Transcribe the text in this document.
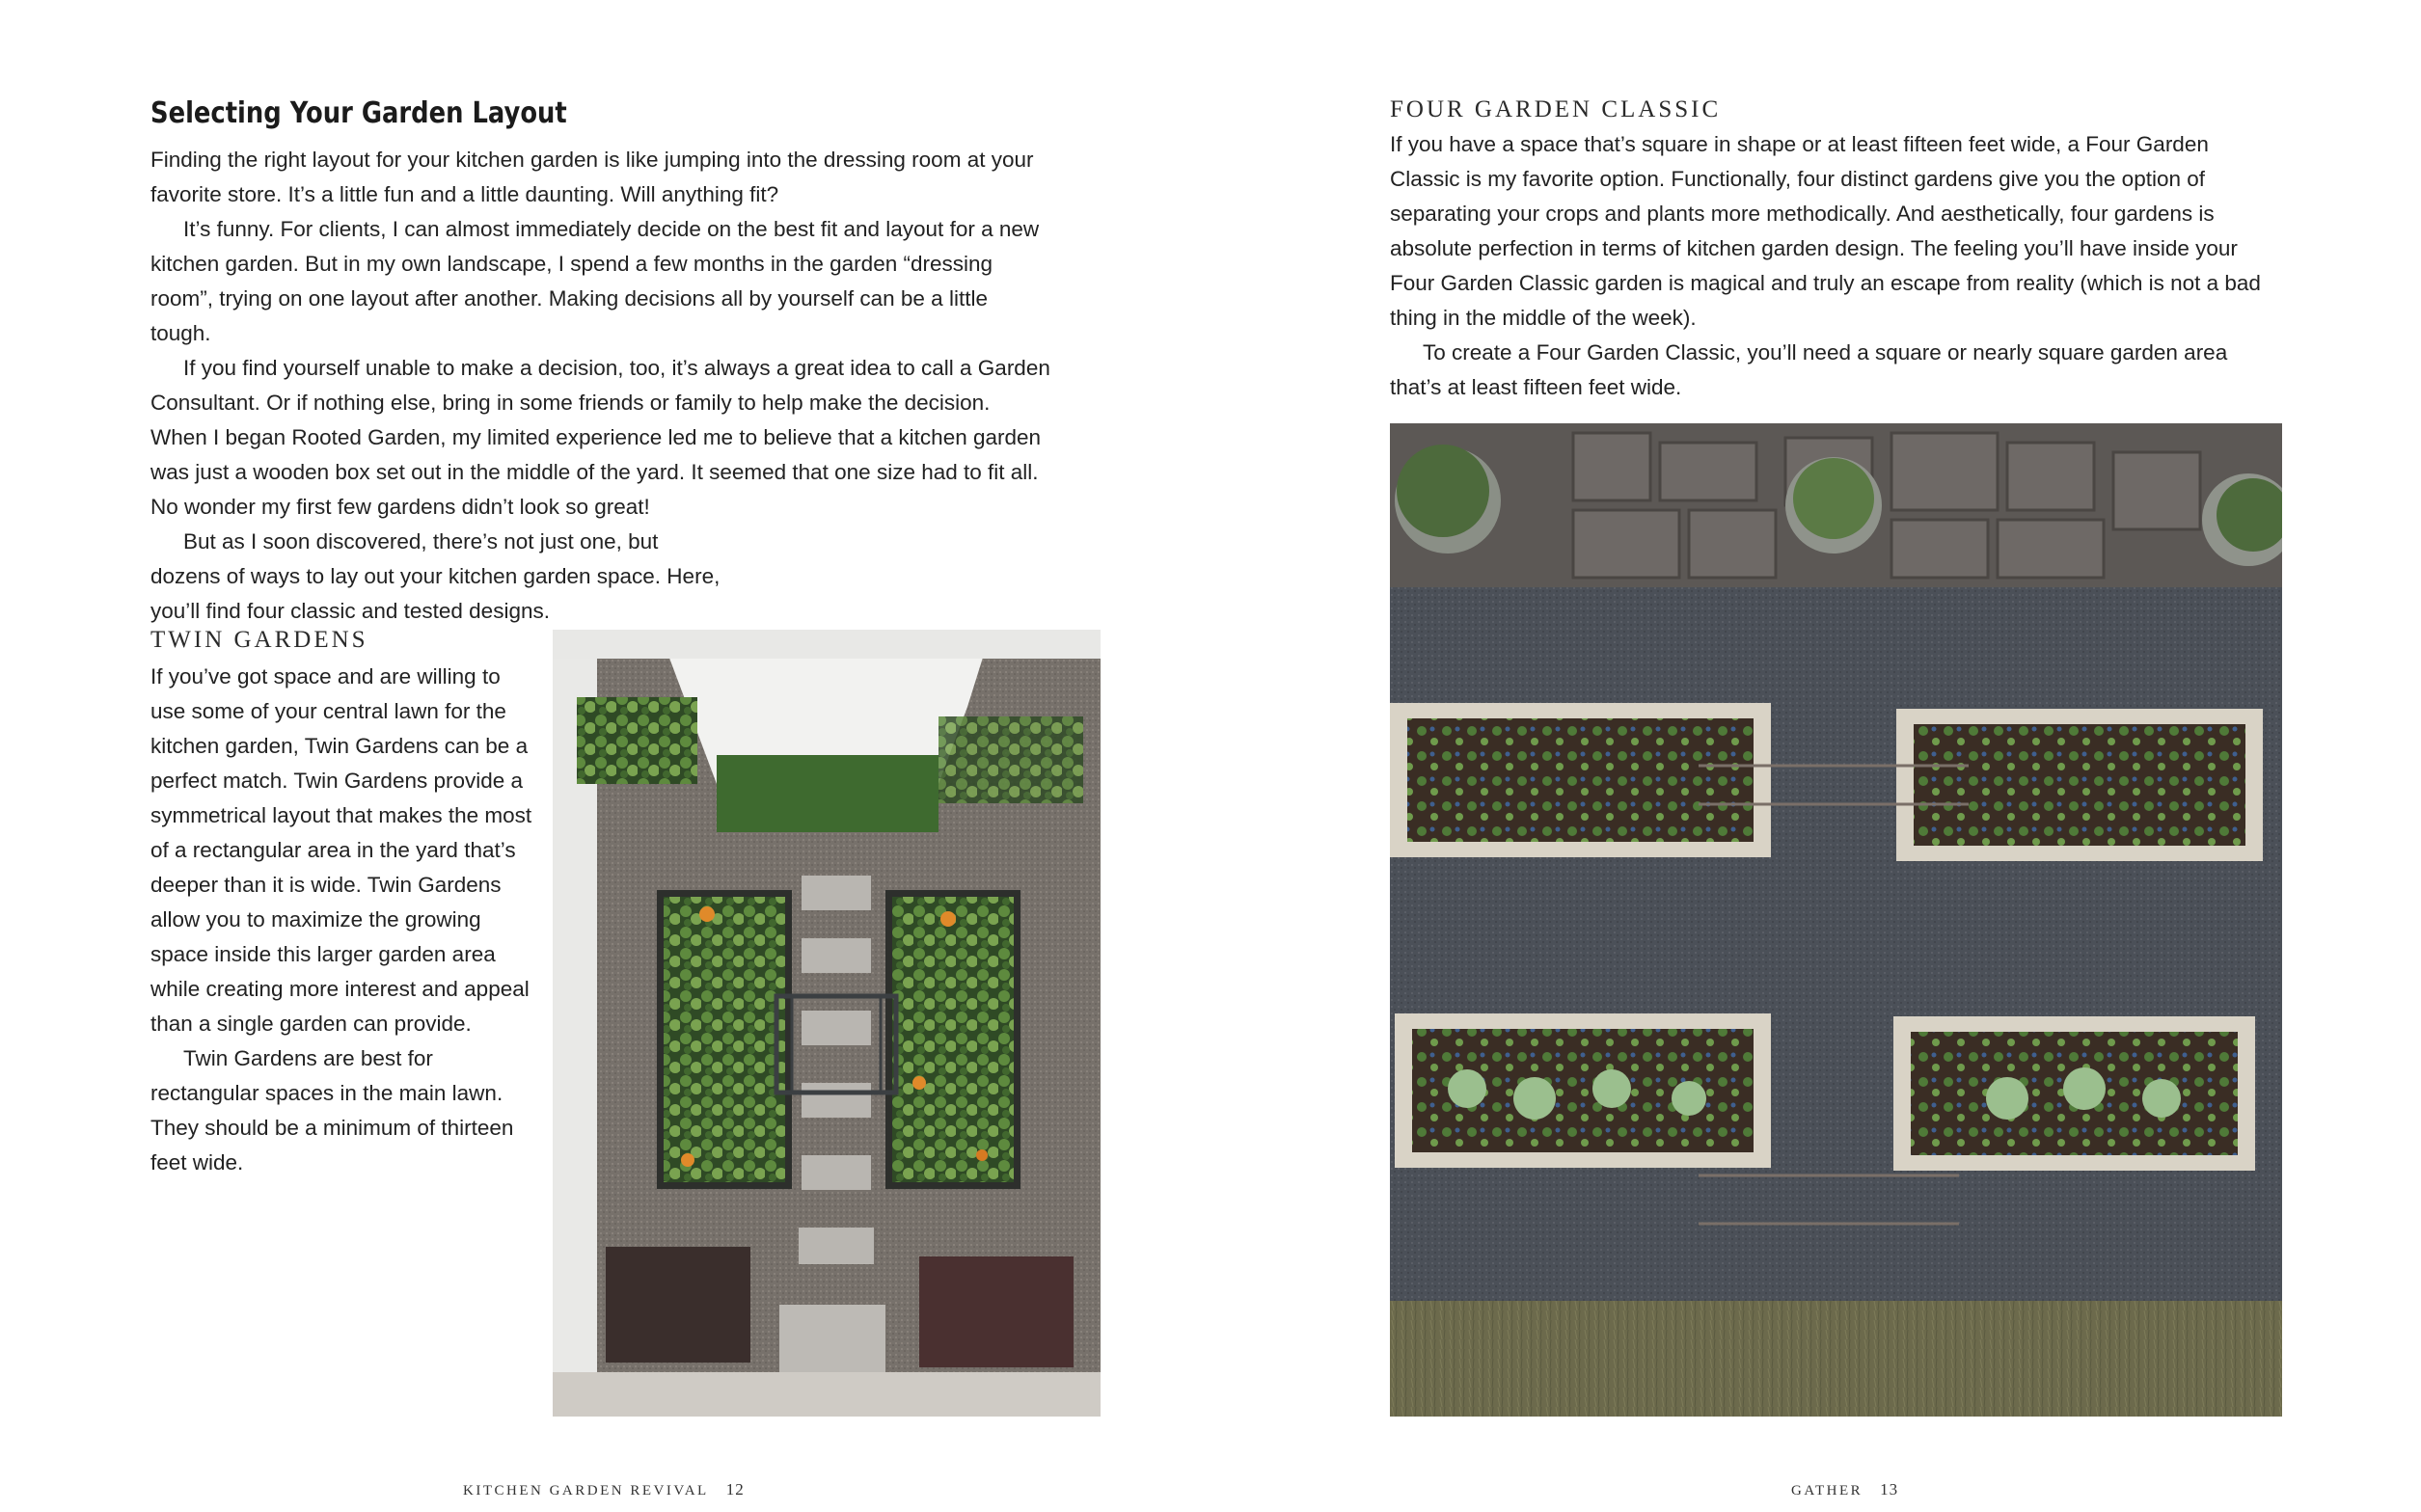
Selecting Your Garden Layout

Finding the right layout for your kitchen garden is like jumping into the dressing room at your favorite store. It’s a little fun and a little daunting. Will anything fit?

It’s funny. For clients, I can almost immediately decide on the best fit and layout for a new kitchen garden. But in my own landscape, I spend a few months in the garden “dressing room”, trying on one layout after another. Making decisions all by yourself can be a little tough.

If you find yourself unable to make a decision, too, it’s always a great idea to call a Garden Consultant. Or if nothing else, bring in some friends or family to help make the decision. When I began Rooted Garden, my limited experience led me to believe that a kitchen garden was just a wooden box set out in the middle of the yard. It seemed that one size had to fit all. No wonder my first few gardens didn’t look so great!

But as I soon discovered, there’s not just one, but dozens of ways to lay out your kitchen garden space. Here, you’ll find four classic and tested designs.

TWIN GARDENS

If you’ve got space and are willing to use some of your central lawn for the kitchen garden, Twin Gardens can be a perfect match. Twin Gardens provide a symmetrical layout that makes the most of a rectangular area in the yard that’s deeper than it is wide. Twin Gardens allow you to maximize the growing space inside this larger garden area while creating more interest and appeal than a single garden can provide.

Twin Gardens are best for rectangular spaces in the main lawn. They should be a minimum of thirteen feet wide.

KITCHEN GARDEN REVIVAL 12
FOUR GARDEN CLASSIC

If you have a space that’s square in shape or at least fifteen feet wide, a Four Garden Classic is my favorite option. Functionally, four distinct gardens give you the option of separating your crops and plants more methodically. And aesthetically, four gardens is absolute perfection in terms of kitchen garden design. The feeling you’ll have inside your Four Garden Classic garden is magical and truly an escape from reality (which is not a bad thing in the middle of the week).

To create a Four Garden Classic, you’ll need a square or nearly square garden area that’s at least fifteen feet wide.

GATHER 13
